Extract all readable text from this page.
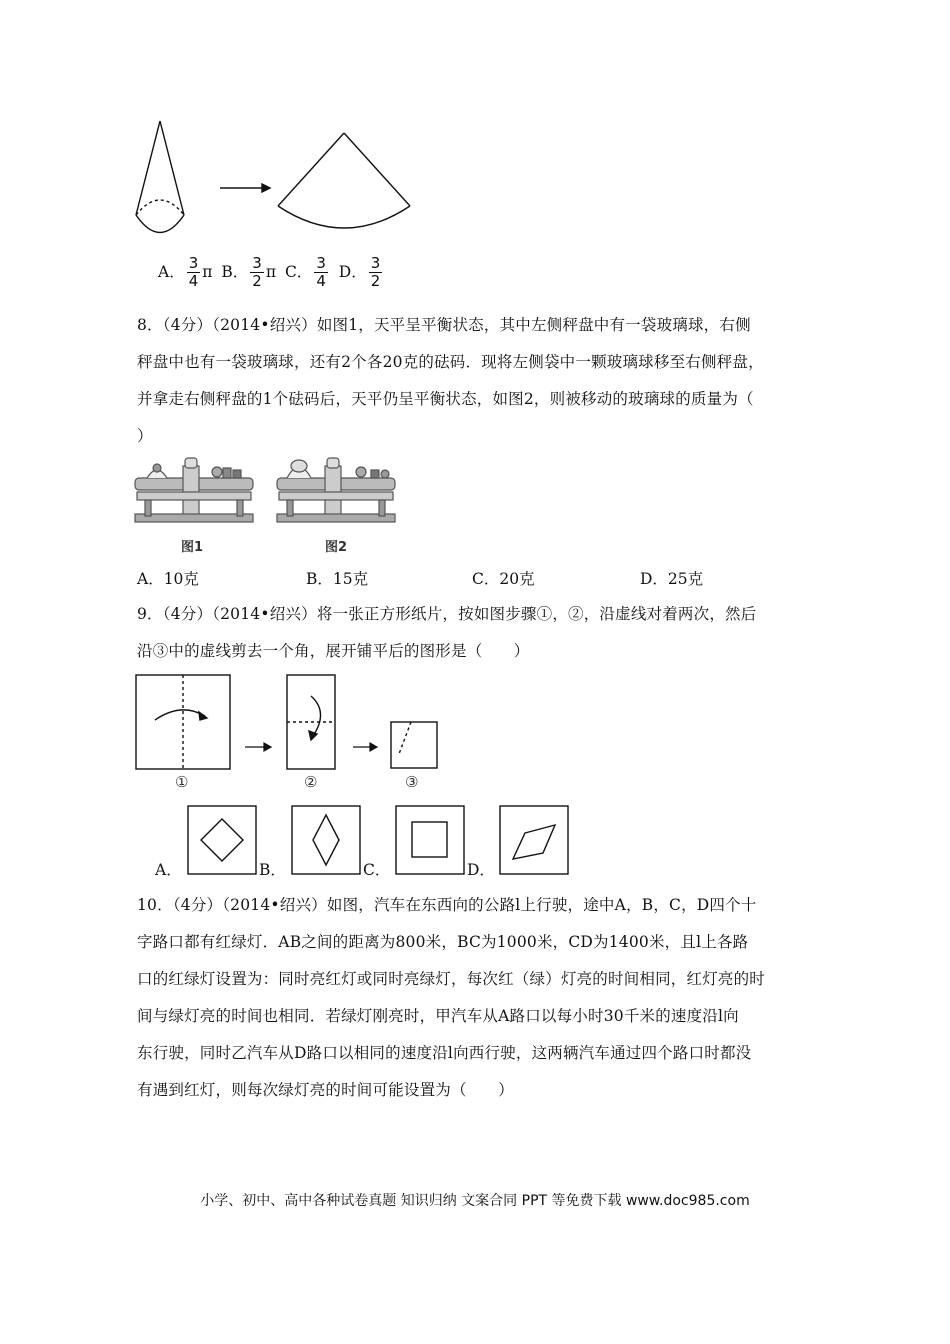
A． $\frac{3}{4}$ π B． $\frac{3}{2}$ π C． $\frac{3}{4}$ D． $\frac{3}{2}$
8．（4分）（2014•绍兴）如图1，天平呈平衡状态，其中左侧秤盘中有一袋玻璃球，右侧
秤盘中也有一袋玻璃球，还有2个各20克的砝码．现将左侧袋中一颗玻璃球移至右侧秤盘，
并拿走右侧秤盘的1个砝码后，天平仍呈平衡状态，如图2，则被移动的玻璃球的质量为（
）
图1	图2
A．10克	B．15克	C．20克	D．25克
9．（4分）（2014•绍兴）将一张正方形纸片，按如图步骤①，②，沿虚线对着两次，然后
沿③中的虚线剪去一个角，展开铺平后的图形是（　　）
①	②	③
A．	B．	C．	D．
10．（4分）（2014•绍兴）如图，汽车在东西向的公路l上行驶，途中A，B，C，D四个十
字路口都有红绿灯．AB之间的距离为800米，BC为1000米，CD为1400米，且l上各路
口的红绿灯设置为：同时亮红灯或同时亮绿灯，每次红（绿）灯亮的时间相同，红灯亮的时
间与绿灯亮的时间也相同．若绿灯刚亮时，甲汽车从A路口以每小时30千米的速度沿l向
东行驶，同时乙汽车从D路口以相同的速度沿l向西行驶，这两辆汽车通过四个路口时都没
有遇到红灯，则每次绿灯亮的时间可能设置为（　　）
小学、初中、高中各种试卷真题 知识归纳 文案合同 PPT 等免费下载 www.doc985.com
